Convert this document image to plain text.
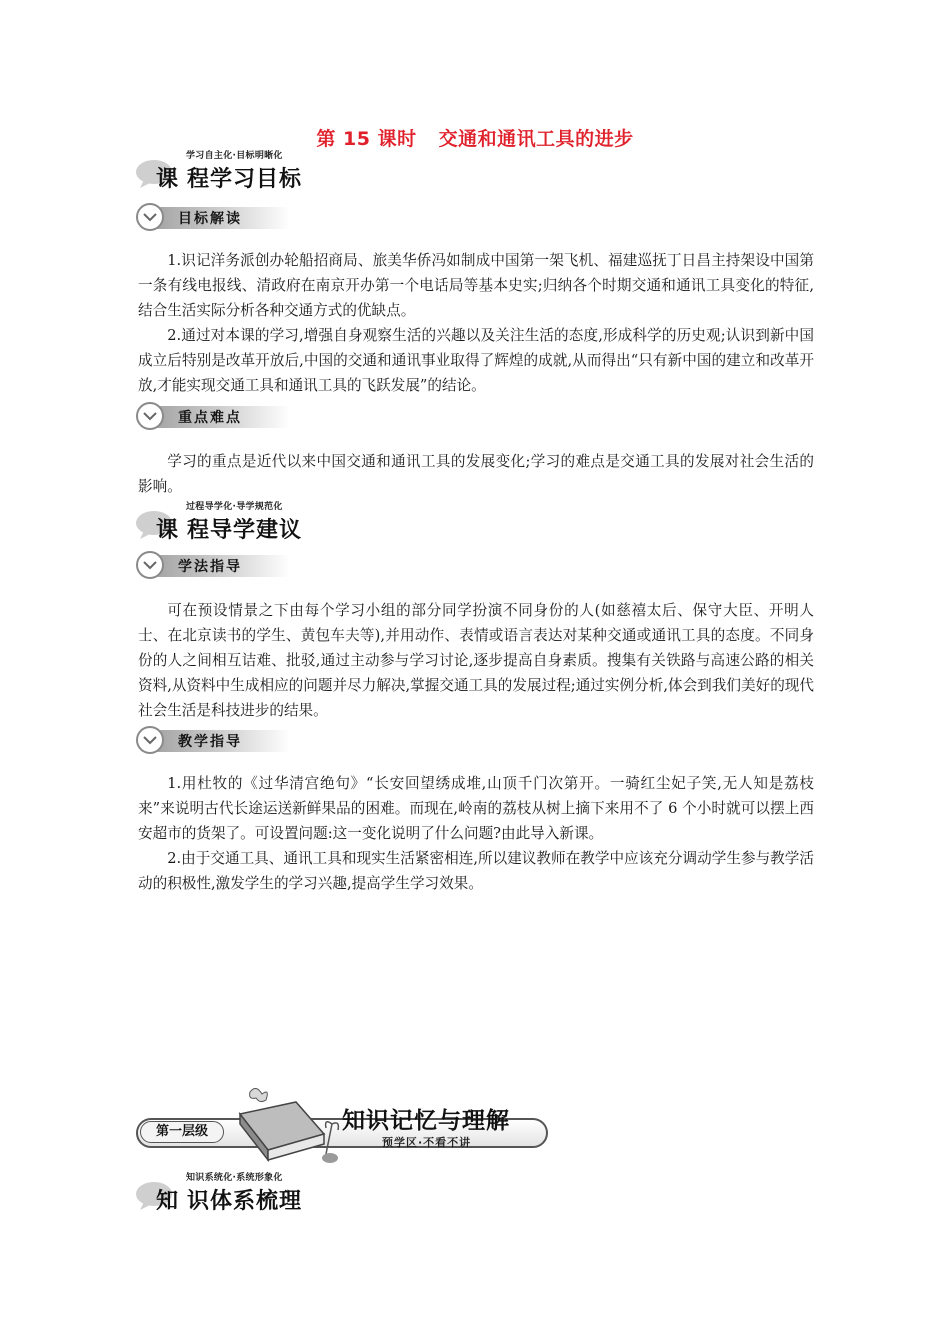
第 15 课时 交通和通讯工具的进步
学习自主化·目标明晰化
课 程学习目标
目标解读

1.识记洋务派创办轮船招商局、旅美华侨冯如制成中国第一架飞机、福建巡抚丁日昌主持架设中国第一条有线电报线、清政府在南京开办第一个电话局等基本史实;归纳各个时期交通和通讯工具变化的特征,结合生活实际分析各种交通方式的优缺点。

2.通过对本课的学习,增强自身观察生活的兴趣以及关注生活的态度,形成科学的历史观;认识到新中国成立后特别是改革开放后,中国的交通和通讯事业取得了辉煌的成就,从而得出“只有新中国的建立和改革开放,才能实现交通工具和通讯工具的飞跃发展”的结论。

重点难点

学习的重点是近代以来中国交通和通讯工具的发展变化;学习的难点是交通工具的发展对社会生活的影响。

过程导学化·导学规范化
课 程导学建议
学法指导

可在预设情景之下由每个学习小组的部分同学扮演不同身份的人(如慈禧太后、保守大臣、开明人士、在北京读书的学生、黄包车夫等),并用动作、表情或语言表达对某种交通或通讯工具的态度。不同身份的人之间相互诘难、批驳,通过主动参与学习讨论,逐步提高自身素质。搜集有关铁路与高速公路的相关资料,从资料中生成相应的问题并尽力解决,掌握交通工具的发展过程;通过实例分析,体会到我们美好的现代社会生活是科技进步的结果。

教学指导

1.用杜牧的《过华清宫绝句》“长安回望绣成堆,山顶千门次第开。一骑红尘妃子笑,无人知是荔枝来”来说明古代长途运送新鲜果品的困难。而现在,岭南的荔枝从树上摘下来用不了 6 个小时就可以摆上西安超市的货架了。可设置问题:这一变化说明了什么问题?由此导入新课。

2.由于交通工具、通讯工具和现实生活紧密相连,所以建议教师在教学中应该充分调动学生参与教学活动的积极性,激发学生的学习兴趣,提高学生学习效果。

第一层级	知识记忆与理解
预学区·不看不讲
知识系统化·系统形象化
知 识体系梳理
